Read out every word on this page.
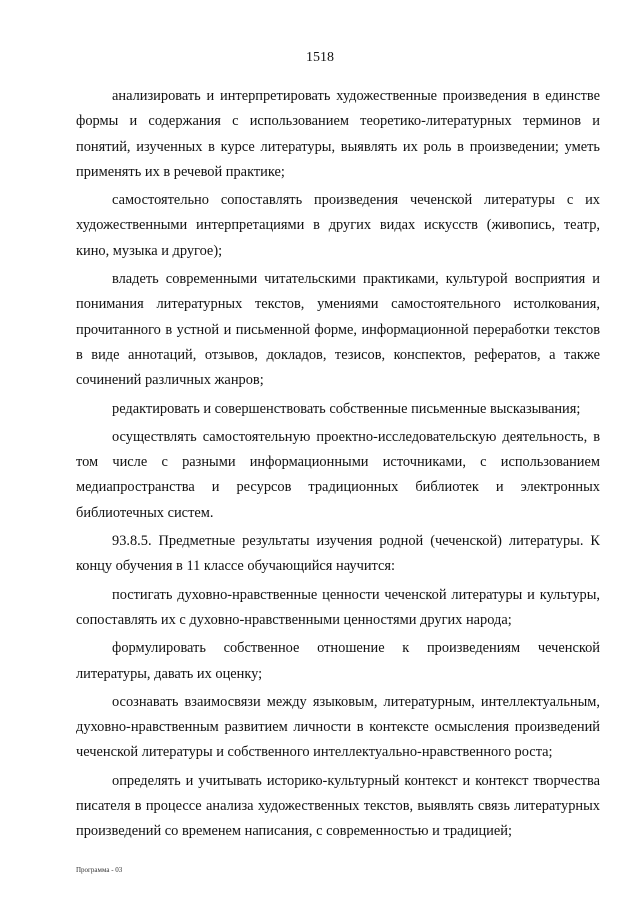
1518

анализировать и интерпретировать художественные произведения в единстве формы и содержания с использованием теоретико-литературных терминов и понятий, изученных в курсе литературы, выявлять их роль в произведении; уметь применять их в речевой практике;

самостоятельно сопоставлять произведения чеченской литературы с их художественными интерпретациями в других видах искусств (живопись, театр, кино, музыка и другое);

владеть современными читательскими практиками, культурой восприятия и понимания литературных текстов, умениями самостоятельного истолкования, прочитанного в устной и письменной форме, информационной переработки текстов в виде аннотаций, отзывов, докладов, тезисов, конспектов, рефератов, а также сочинений различных жанров;

редактировать и совершенствовать собственные письменные высказывания;

осуществлять самостоятельную проектно-исследовательскую деятельность, в том числе с разными информационными источниками, с использованием медиапространства и ресурсов традиционных библиотек и электронных библиотечных систем.

93.8.5. Предметные результаты изучения родной (чеченской) литературы. К концу обучения в 11 классе обучающийся научится:

постигать духовно-нравственные ценности чеченской литературы и культуры, сопоставлять их с духовно-нравственными ценностями других народа;

формулировать собственное отношение к произведениям чеченской литературы, давать их оценку;

осознавать взаимосвязи между языковым, литературным, интеллектуальным, духовно-нравственным развитием личности в контексте осмысления произведений чеченской литературы и собственного интеллектуально-нравственного роста;

определять и учитывать историко-культурный контекст и контекст творчества писателя в процессе анализа художественных текстов, выявлять связь литературных произведений со временем написания, с современностью и традицией;

Программа - 03
